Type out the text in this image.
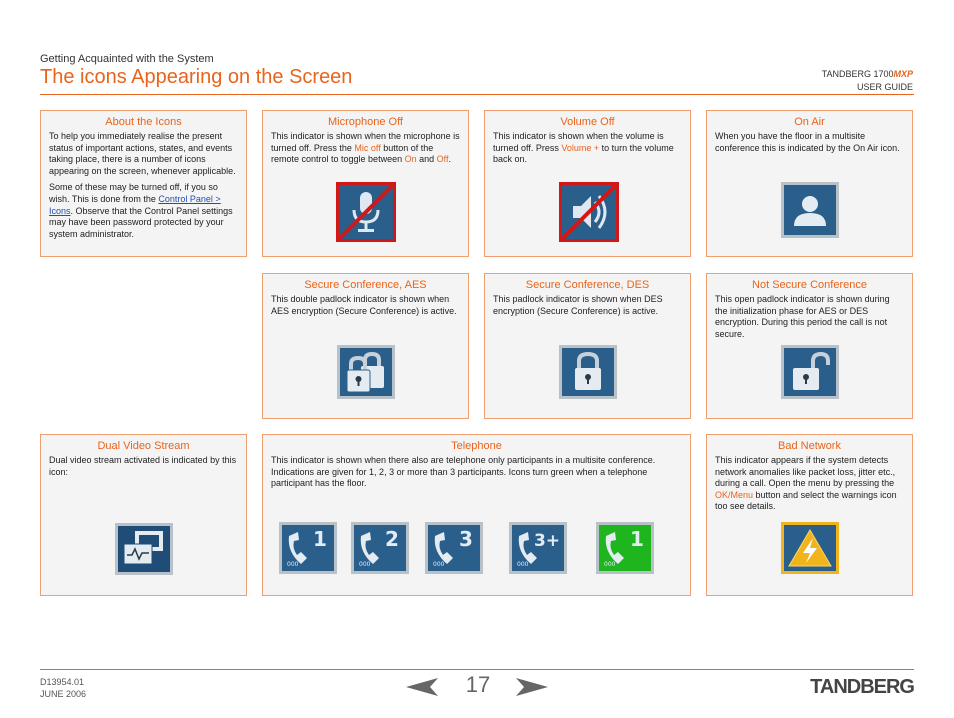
Getting Acquainted with the System
The icons Appearing on the Screen	TANDBERG 1700MXP
USER GUIDE
About the Icons

To help you immediately realise the present status of important actions, states, and events taking place, there is a number of icons appearing on the screen, whenever applicable.

Some of these may be turned off, if you so wish. This is done from the Control Panel > Icons. Observe that the Control Panel settings may have been password protected by your system administrator.

Microphone Off

This indicator is shown when the microphone is turned off. Press the Mic off button of the remote control to toggle between On and Off.

Volume Off

This indicator is shown when the volume is turned off. Press Volume + to turn the volume back on.

On Air

When you have the floor in a multisite conference this is indicated by the On Air icon.

Secure Conference, AES

This double padlock indicator is shown when AES encryption (Secure Conference) is active.

Secure Conference, DES

This padlock indicator is shown when DES encryption (Secure Conference) is active.

Not Secure Conference

This open padlock indicator is shown during the initialization phase for AES or DES encryption. During this period the call is not secure.

Dual Video Stream

Dual video stream activated is indicated by this icon:

Telephone

This indicator is shown when there also are telephone only participants in a multisite conference. Indications are given for 1, 2, 3 or more than 3 participants. Icons turn green when a telephone participant has the floor.

000
1
000
2
000
3
000
3+
000
1
Bad Network

This indicator appears if the system detects network anomalies like packet loss, jitter etc., during a call. Open the menu by pressing the OK/Menu button and select the warnings icon too see details.

D13954.01
JUNE 2006	17	TANDBERG
